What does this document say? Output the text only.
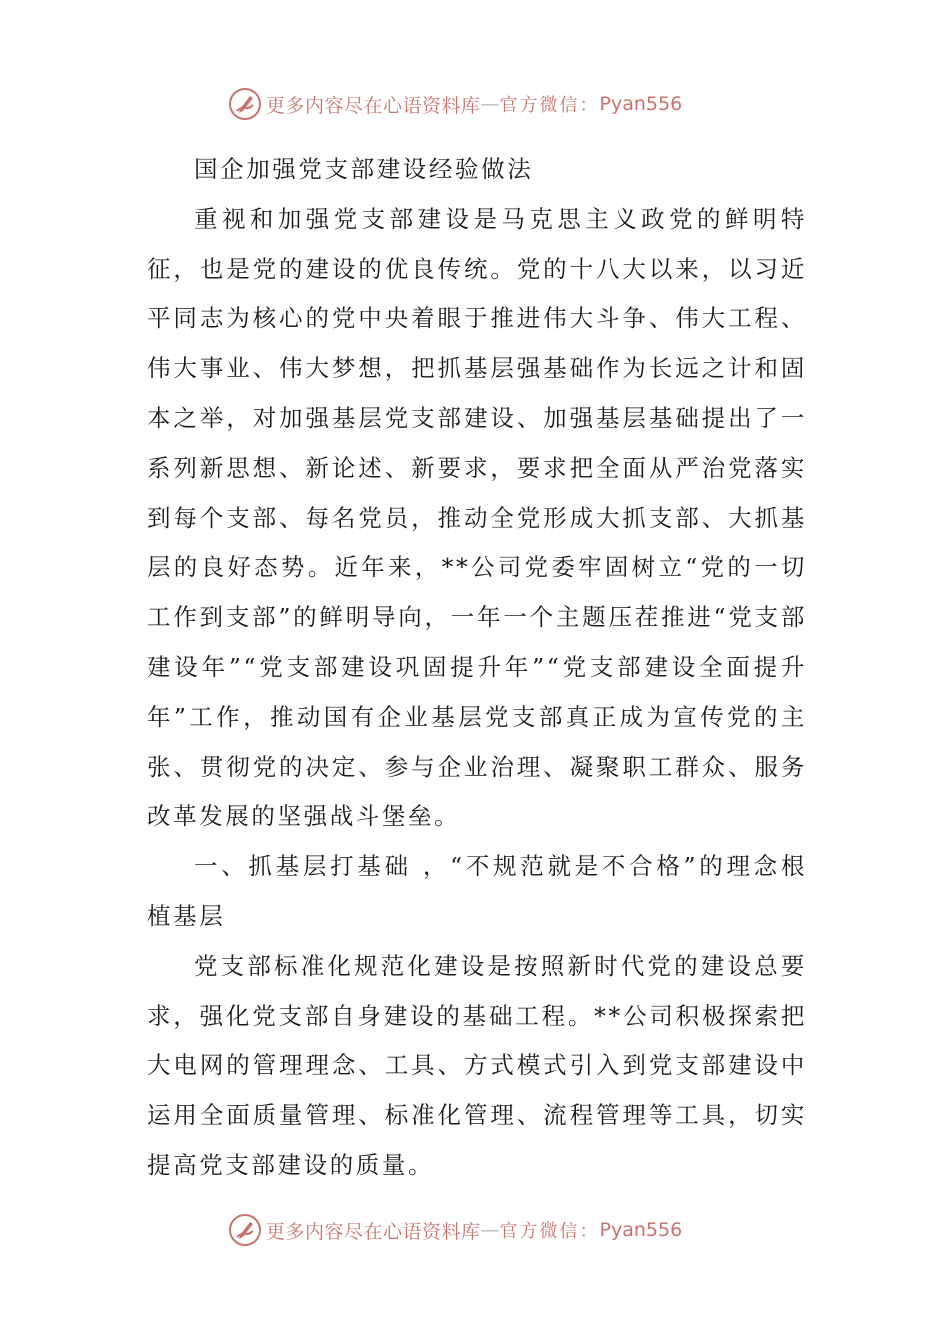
更多内容尽在心语资料库 — 官方微信： Pyan556
国企加强党支部建设经验做法

重视和加强党支部建设是马克思主义政党的鲜明特征，也是党的建设的优良传统。党的十八大以来，以习近平同志为核心的党中央着眼于推进伟大斗争、伟大工程、伟大事业、伟大梦想，把抓基层强基础作为长远之计和固本之举，对加强基层党支部建设、加强基层基础提出了一系列新思想、新论述、新要求，要求把全面从严治党落实到每个支部、每名党员，推动全党形成大抓支部、大抓基层的良好态势。近年来，**公司党委牢固树立“党的一切工作到支部”的鲜明导向，一年一个主题压茬推进“党支部建设年”“党支部建设巩固提升年”“党支部建设全面提升年”工作，推动国有企业基层党支部真正成为宣传党的主张、贯彻党的决定、参与企业治理、凝聚职工群众、服务改革发展的坚强战斗堡垒。

一、抓基层打基础 ，“不规范就是不合格”的理念根植基层

党支部标准化规范化建设是按照新时代党的建设总要求，强化党支部自身建设的基础工程。**公司积极探索把大电网的管理理念、工具、方式模式引入到党支部建设中运用全面质量管理、标准化管理、流程管理等工具，切实提高党支部建设的质量。

更多内容尽在心语资料库 — 官方微信： Pyan556
